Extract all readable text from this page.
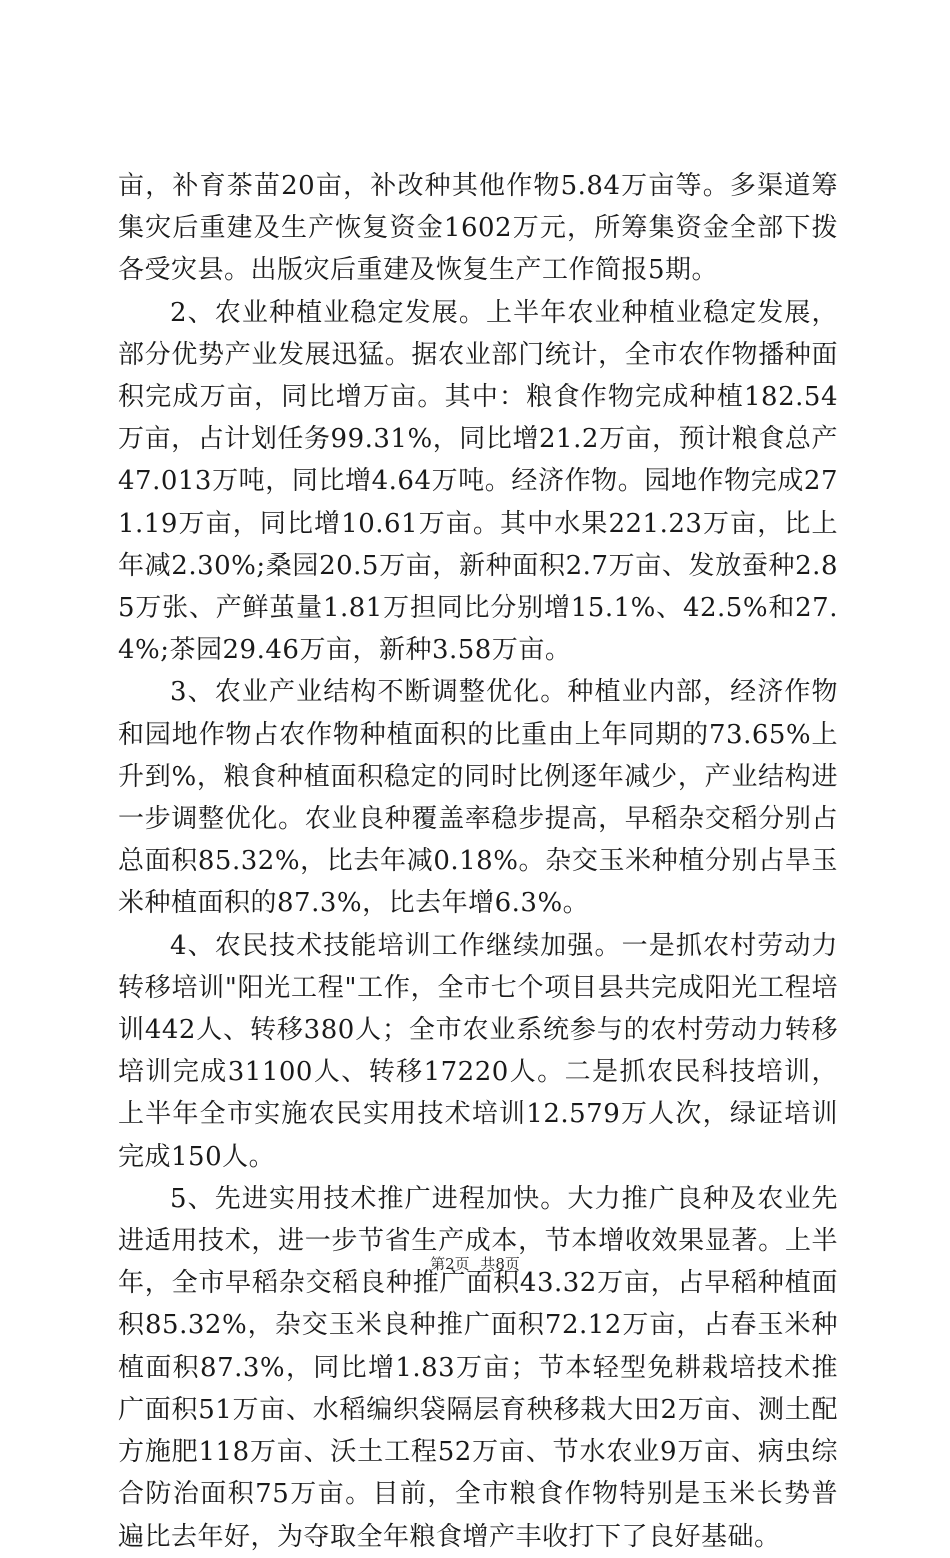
亩，补育茶苗20亩，补改种其他作物5.84万亩等。多渠道筹集灾后重建及生产恢复资金1602万元，所筹集资金全部下拨各受灾县。出版灾后重建及恢复生产工作简报5期。

2、农业种植业稳定发展。上半年农业种植业稳定发展，部分优势产业发展迅猛。据农业部门统计，全市农作物播种面积完成万亩，同比增万亩。其中：粮食作物完成种植182.54万亩，占计划任务99.31%，同比增21.2万亩，预计粮食总产47.013万吨，同比增4.64万吨。经济作物。园地作物完成271.19万亩，同比增10.61万亩。其中水果221.23万亩，比上年减2.30%;桑园20.5万亩，新种面积2.7万亩、发放蚕种2.85万张、产鲜茧量1.81万担同比分别增15.1%、42.5%和27.4%;茶园29.46万亩，新种3.58万亩。

3、农业产业结构不断调整优化。种植业内部，经济作物和园地作物占农作物种植面积的比重由上年同期的73.65%上升到%，粮食种植面积稳定的同时比例逐年减少，产业结构进一步调整优化。农业良种覆盖率稳步提高，早稻杂交稻分别占总面积85.32%，比去年减0.18%。杂交玉米种植分别占旱玉米种植面积的87.3%，比去年增6.3%。

4、农民技术技能培训工作继续加强。一是抓农村劳动力转移培训"阳光工程"工作，全市七个项目县共完成阳光工程培训442人、转移380人；全市农业系统参与的农村劳动力转移培训完成31100人、转移17220人。二是抓农民科技培训，上半年全市实施农民实用技术培训12.579万人次，绿证培训完成150人。

5、先进实用技术推广进程加快。大力推广良种及农业先进适用技术，进一步节省生产成本，节本增收效果显著。上半年，全市早稻杂交稻良种推广面积43.32万亩，占早稻种植面积85.32%，杂交玉米良种推广面积72.12万亩，占春玉米种植面积87.3%，同比增1.83万亩；节本轻型免耕栽培技术推广面积51万亩、水稻编织袋隔层育秧移栽大田2万亩、测土配方施肥118万亩、沃土工程52万亩、节水农业9万亩、病虫综合防治面积75万亩。目前，全市粮食作物特别是玉米长势普遍比去年好，为夺取全年粮食增产丰收打下了良好基础。

第2页 共8页
